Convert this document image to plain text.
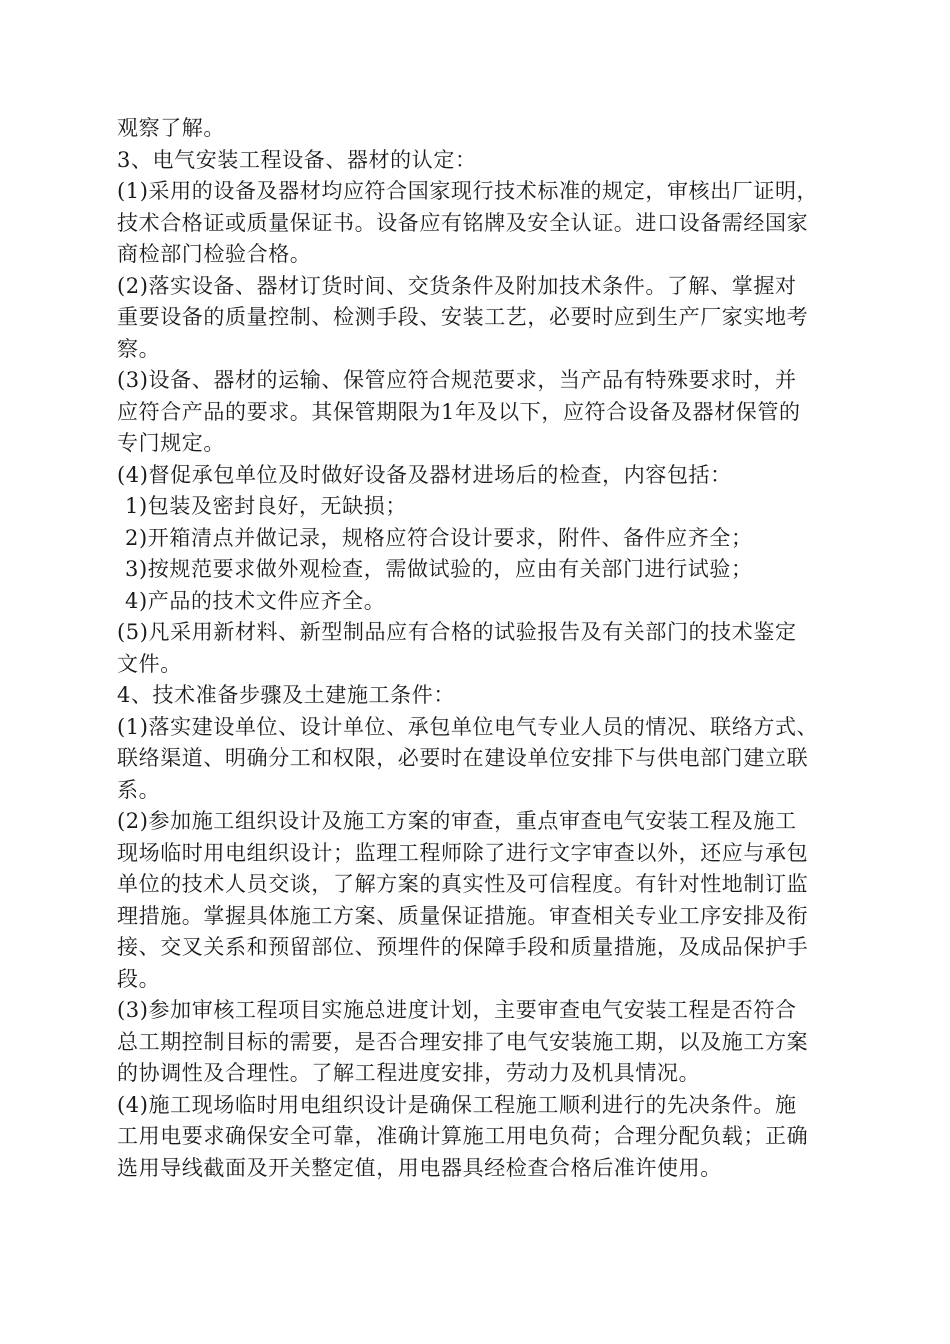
观察了解。
3、电气安装工程设备、器材的认定：
(1)采用的设备及器材均应符合国家现行技术标准的规定，审核出厂证明，
技术合格证或质量保证书。设备应有铭牌及安全认证。进口设备需经国家
商检部门检验合格。
(2)落实设备、器材订货时间、交货条件及附加技术条件。了解、掌握对
重要设备的质量控制、检测手段、安装工艺，必要时应到生产厂家实地考
察。
(3)设备、器材的运输、保管应符合规范要求，当产品有特殊要求时，并
应符合产品的要求。其保管期限为1年及以下，应符合设备及器材保管的
专门规定。
(4)督促承包单位及时做好设备及器材进场后的检查，内容包括：
1)包装及密封良好，无缺损；
2)开箱清点并做记录，规格应符合设计要求，附件、备件应齐全；
3)按规范要求做外观检查，需做试验的，应由有关部门进行试验；
4)产品的技术文件应齐全。
(5)凡采用新材料、新型制品应有合格的试验报告及有关部门的技术鉴定
文件。
4、技术准备步骤及土建施工条件：
(1)落实建设单位、设计单位、承包单位电气专业人员的情况、联络方式、
联络渠道、明确分工和权限，必要时在建设单位安排下与供电部门建立联
系。
(2)参加施工组织设计及施工方案的审查，重点审查电气安装工程及施工
现场临时用电组织设计；监理工程师除了进行文字审查以外，还应与承包
单位的技术人员交谈，了解方案的真实性及可信程度。有针对性地制订监
理措施。掌握具体施工方案、质量保证措施。审查相关专业工序安排及衔
接、交叉关系和预留部位、预埋件的保障手段和质量措施，及成品保护手
段。
(3)参加审核工程项目实施总进度计划，主要审查电气安装工程是否符合
总工期控制目标的需要，是否合理安排了电气安装施工期，以及施工方案
的协调性及合理性。了解工程进度安排，劳动力及机具情况。
(4)施工现场临时用电组织设计是确保工程施工顺利进行的先决条件。施
工用电要求确保安全可靠，准确计算施工用电负荷；合理分配负载；正确
选用导线截面及开关整定值，用电器具经检查合格后准许使用。
